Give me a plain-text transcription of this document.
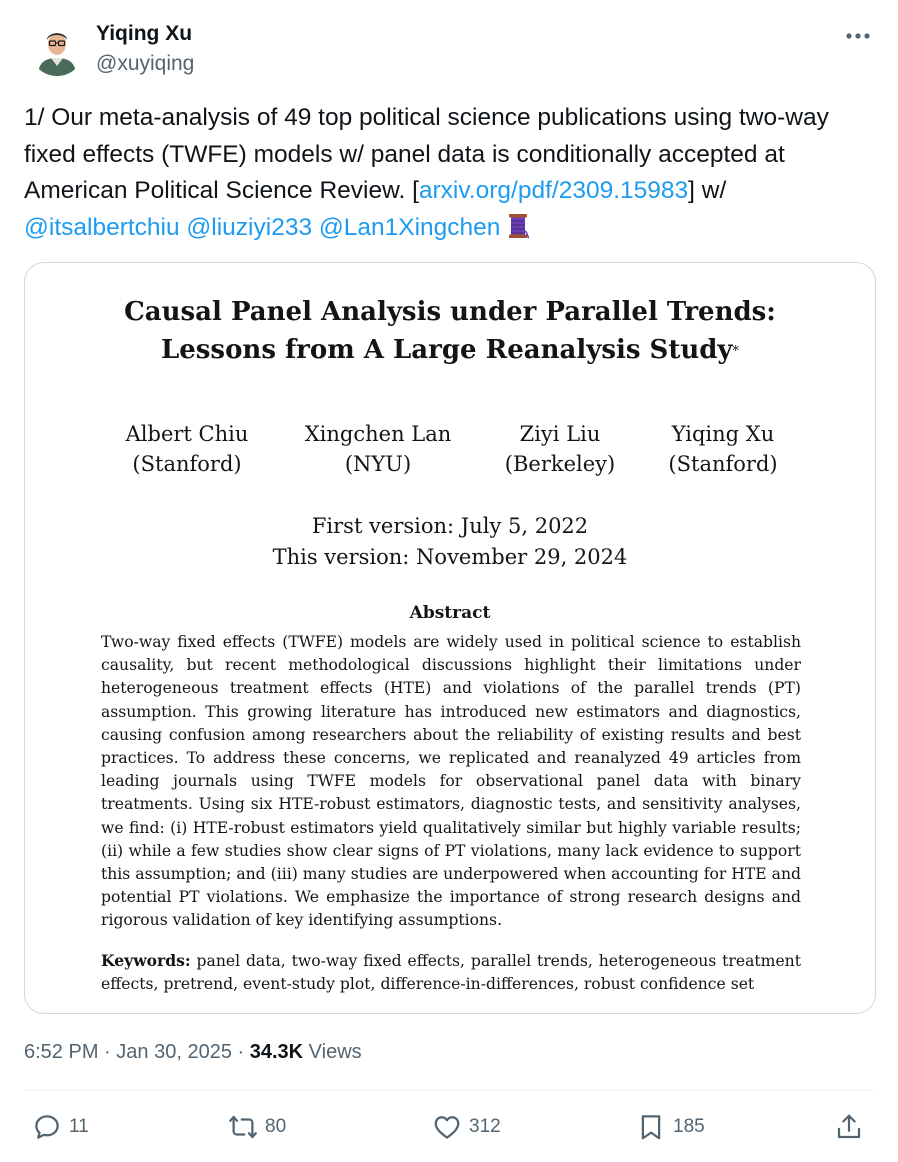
Yiqing Xu
@xuyiqing
1/ Our meta-analysis of 49 top political science publications using two-way fixed effects (TWFE) models w/ panel data is conditionally accepted at American Political Science Review. [arxiv.org/pdf/2309.15983] w/
@itsalbertchiu @liuziyi233 @Lan1Xingchen
Causal Panel Analysis under Parallel Trends:
Lessons from A Large Reanalysis Study*
Albert Chiu
(Stanford)
Xingchen Lan
(NYU)
Ziyi Liu
(Berkeley)
Yiqing Xu
(Stanford)
First version: July 5, 2022
This version: November 29, 2024
Abstract
Two-way fixed effects (TWFE) models are widely used in political science to establish causality, but recent methodological discussions highlight their limitations under heterogeneous treatment effects (HTE) and violations of the parallel trends (PT) assumption. This growing literature has introduced new estimators and diagnostics, causing confusion among researchers about the reliability of existing results and best practices. To address these concerns, we replicated and reanalyzed 49 articles from leading journals using TWFE models for observational panel data with binary treatments. Using six HTE-robust estimators, diagnostic tests, and sensitivity analyses, we find: (i) HTE-robust estimators yield qualitatively similar but highly variable results; (ii) while a few studies show clear signs of PT violations, many lack evidence to support this assumption; and (iii) many studies are underpowered when accounting for HTE and potential PT violations. We emphasize the importance of strong research designs and rigorous validation of key identifying assumptions.
Keywords: panel data, two-way fixed effects, parallel trends, heterogeneous treatment effects, pretrend, event-study plot, difference-in-differences, robust confidence set
6:52 PM · Jan 30, 2025 · 34.3K Views
11	80	312	185
